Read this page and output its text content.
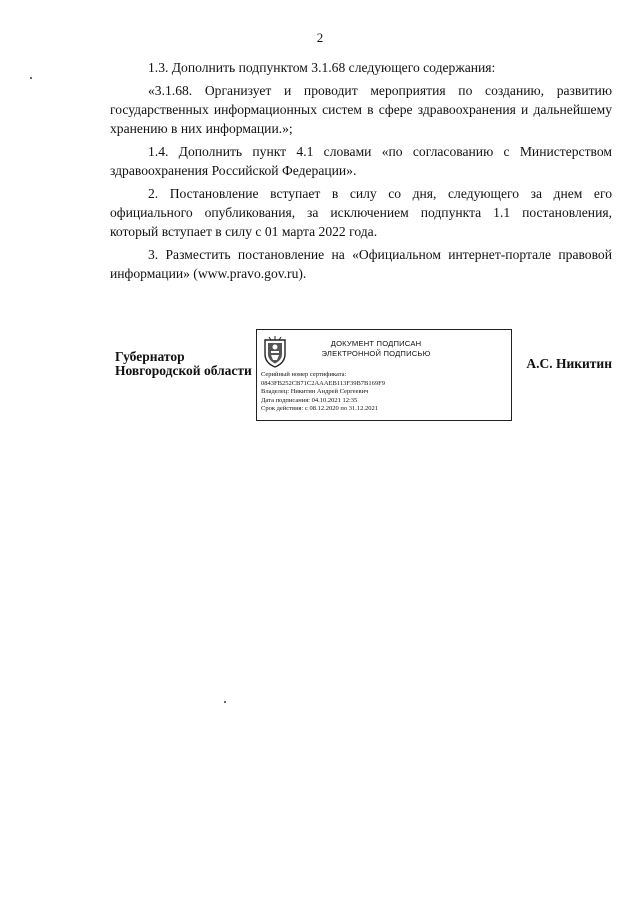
2

1.3. Дополнить подпунктом 3.1.68 следующего содержания:

«3.1.68. Организует и проводит мероприятия по созданию, развитию государственных информационных систем в сфере здравоохранения и дальнейшему хранению в них информации.»;

1.4. Дополнить пункт 4.1 словами «по согласованию с Министерством здравоохранения Российской Федерации».

2. Постановление вступает в силу со дня, следующего за днем его официального опубликования, за исключением подпункта 1.1 постановления, который вступает в силу с 01 марта 2022 года.

3. Разместить постановление на «Официальном интернет-портале правовой информации» (www.pravo.gov.ru).

Губернатор
Новгородской области
ДОКУМЕНТ ПОДПИСАН
ЭЛЕКТРОННОЙ ПОДПИСЬЮ
Серийный номер сертификата:
0843FB252CB71C2AAAEB113F39B7B169F9
Владелец: Никитин Андрей Сергеевич
Дата подписания: 04.10.2021 12:35
Срок действия: с 08.12.2020 по 31.12.2021
А.С. Никитин
